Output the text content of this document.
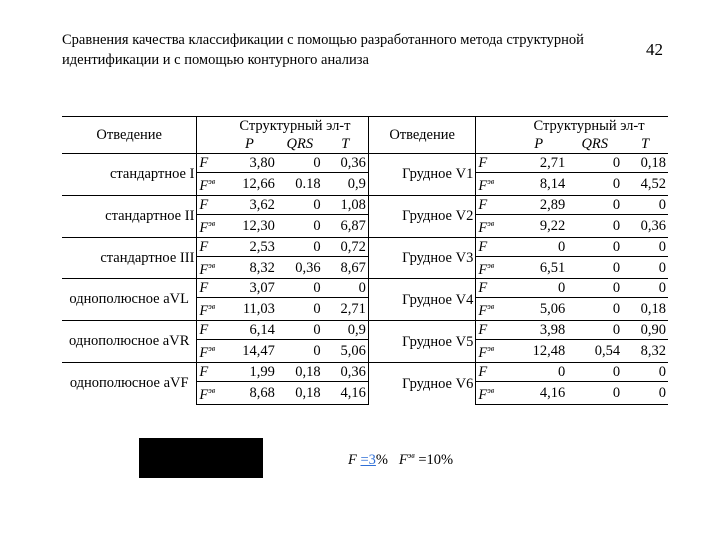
Сравнения качества классификации с помощью разработанного метода структурной идентификации и с помощью контурного анализа
42
Отведение		Структурный эл-т			Отведение		Структурный эл-т		
		P	QRS	T			P	QRS	T
стандартное I	F	3,80	0	0,36	Грудное V1	F	2,71	0	0,18
	$F^{эв}$	12,66	0.18	0,9		$F^{эв}$	8,14	0	4,52
стандартное II	F	3,62	0	1,08	Грудное V2	F	2,89	0	0
	$F^{эв}$	12,30	0	6,87		$F^{эв}$	9,22	0	0,36
стандартное III	F	2,53	0	0,72	Грудное V3	F	0	0	0
	$F^{эв}$	8,32	0,36	8,67		$F^{эв}$	6,51	0	0
однополюсное aVL	F	3,07	0	0	Грудное V4	F	0	0	0
	$F^{эв}$	11,03	0	2,71		$F^{эв}$	5,06	0	0,18
однополюсное aVR	F	6,14	0	0,9	Грудное V5	F	3,98	0	0,90
	$F^{эв}$	14,47	0	5,06		$F^{эв}$	12,48	0,54	8,32
однополюсное aVF	F	1,99	0,18	0,36	Грудное V6	F	0	0	0
	$F^{эв}$	8,68	0,18	4,16		$F^{эв}$	4,16	0	0
F =3% $F^{эв} =10\%$
